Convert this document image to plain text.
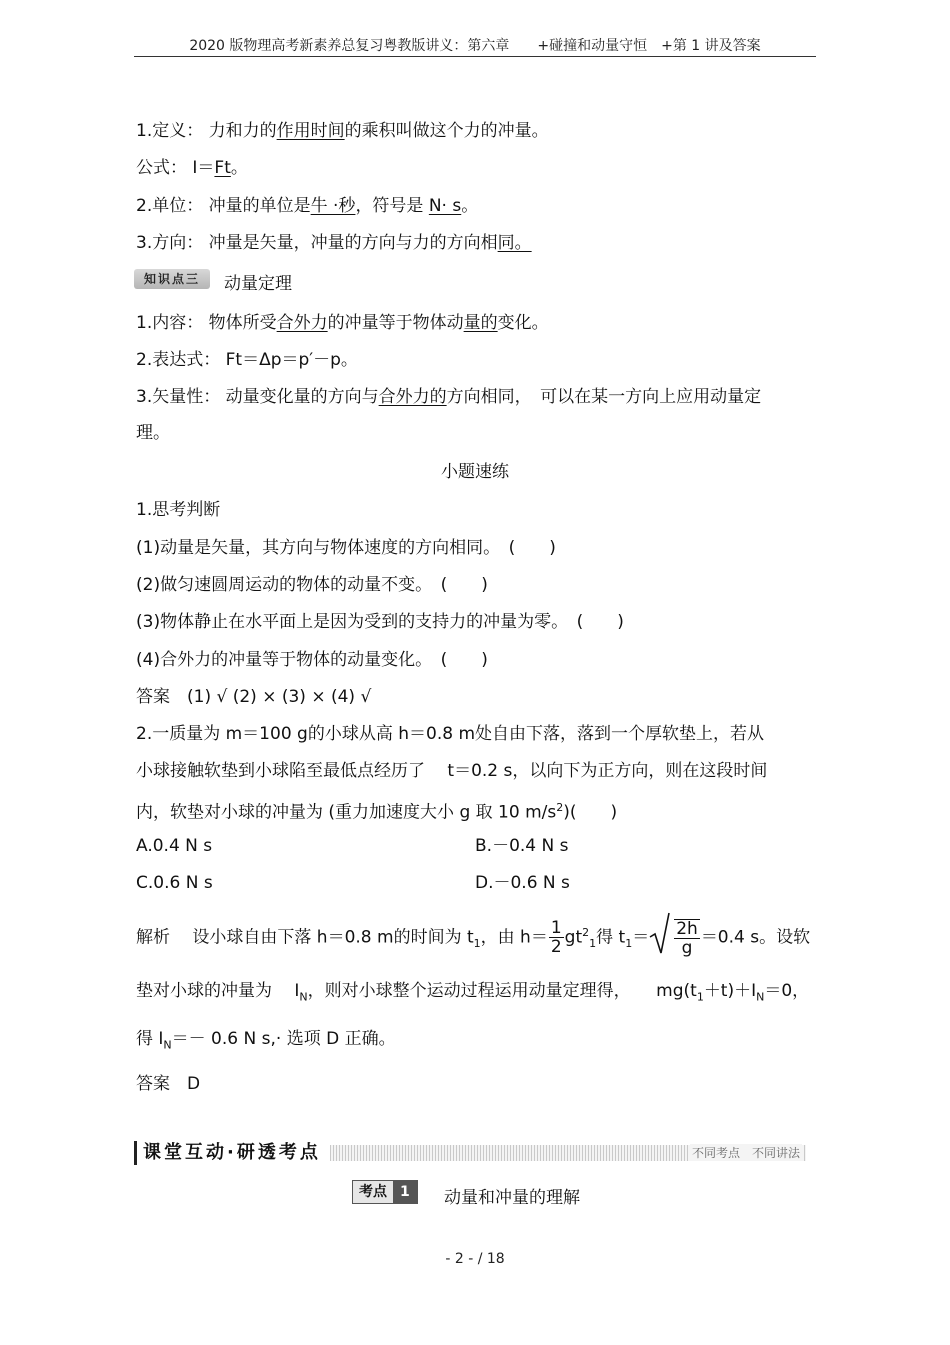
2020 版物理高考新素养总复习粤教版讲义：第六章　　+碰撞和动量守恒　+第 1 讲及答案
1.定义： 力和力的作用时间的乘积叫做这个力的冲量。
公式： I＝Ft。
2.单位： 冲量的单位是牛 ·秒，符号是 N· s。
3.方向： 冲量是矢量，冲量的方向与力的方向相同。
知识点三	动量定理
1.内容： 物体所受合外力的冲量等于物体动量的变化。
2.表达式： Ft＝Δp＝p′－p。
3.矢量性： 动量变化量的方向与合外力的方向相同，　可以在某一方向上应用动量定
理。
小题速练
1.思考判断
(1)动量是矢量，其方向与物体速度的方向相同。　(　　)
(2)做匀速圆周运动的物体的动量不变。　(　　)
(3)物体静止在水平面上是因为受到的支持力的冲量为零。　(　　)
(4)合外力的冲量等于物体的动量变化。　(　　)
答案　(1) √ (2) × (3) × (4) √
2.一质量为 m＝100 g的小球从高 h＝0.8 m处自由下落，落到一个厚软垫上，若从
小球接触软垫到小球陷至最低点经历了　 t＝0.2 s，以向下为正方向，则在这段时间
内，软垫对小球的冲量为 (重力加速度大小 g 取 10 $m/s^2$)(　　)
A.0.4 N s	B.－0.4 N s
C.0.6 N s	D.－0.6 N s
解析　 设小球自由下落 h＝0.8 m的时间为 $t_1$，由 $h= \frac{1}{2} gt^2_1$得 $t_1= \frac{2h}{g} =0.4$ s。设软
垫对小球的冲量为　 $I_N$，则对小球整个运动过程运用动量定理得，　　$mg(t_1+t)+I_N=0$，
得 $I_N=- 0.6$ N s,· 选项 D 正确。
答案　D
课堂互动·研透考点	不同考点　不同讲法
考点 1	动量和冲量的理解
- 2 - / 18
